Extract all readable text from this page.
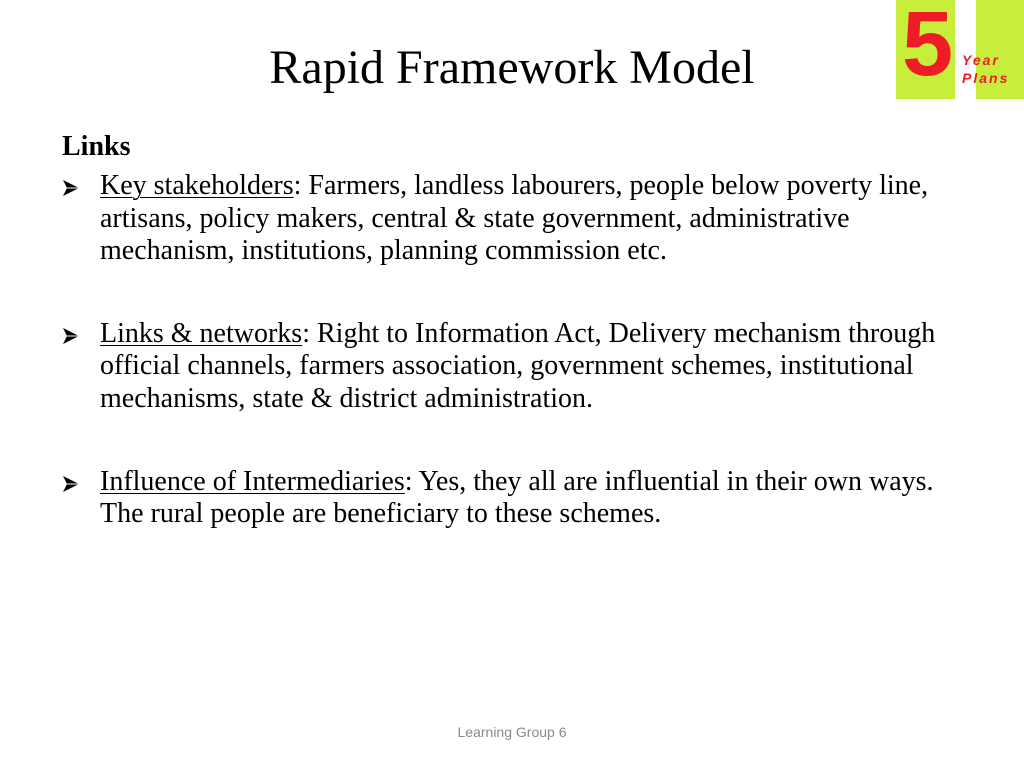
Rapid Framework Model	5 Year
Plans

Links

Key stakeholders: Farmers, landless labourers, people below poverty line, artisans, policy makers, central & state government, administrative mechanism, institutions, planning commission etc.

Links & networks: Right to Information Act, Delivery mechanism through official channels, farmers association, government schemes, institutional mechanisms, state & district administration.

Influence of Intermediaries: Yes, they all are influential in their own ways. The rural people are beneficiary to these schemes.

Learning Group 6
